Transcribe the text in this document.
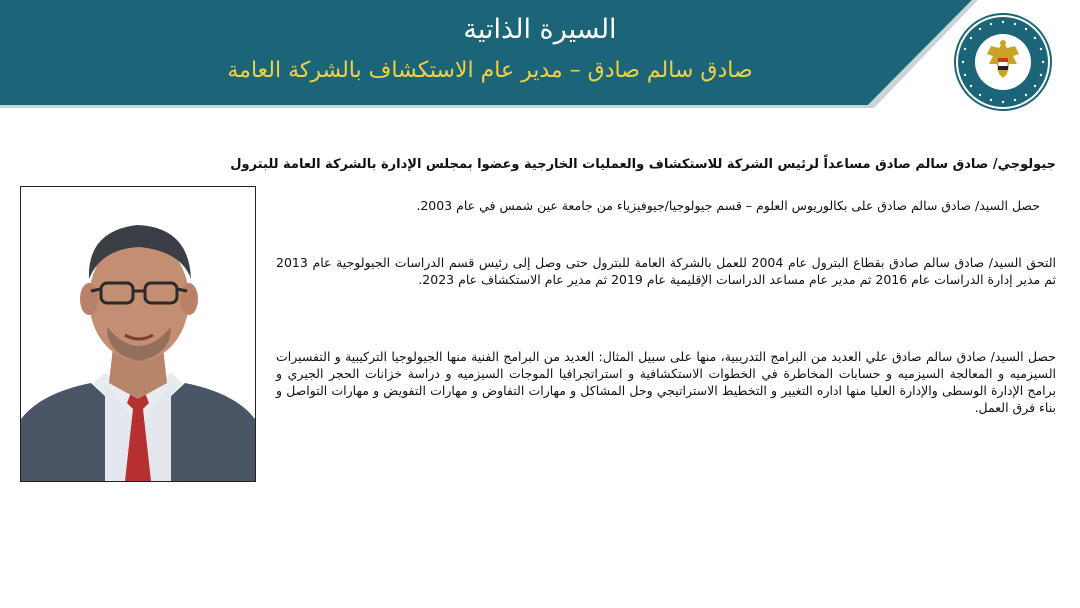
السيرة الذاتية
صادق سالم صادق – مدير عام الاستكشاف بالشركة العامة
جيولوجي/ صادق سالم صادق مساعداً لرئيس الشركة للاستكشاف والعمليات الخارجية وعضوا بمجلس الإدارة بالشركة العامة للبترول
حصل السيد/ صادق سالم صادق على بكالوريوس العلوم – قسم جيولوجيا/جيوفيزياء من جامعة عين شمس في عام 2003.
التحق السيد/ صادق سالم صادق بقطاع البترول عام 2004 للعمل بالشركة العامة للبترول حتى وصل إلى رئيس قسم الدراسات الجيولوجية عام 2013 ثم مدير إدارة الدراسات عام 2016 ثم مدير عام مساعد الدراسات الإقليمية عام 2019 ثم مدير عام الاستكشاف عام 2023.
حصل السيد/ صادق سالم صادق علي العديد من البرامج التدريبية، منها على سبيل المثال: العديد من البرامج الفنية منها الجيولوجيا التركيبية و التفسيرات السيزميه و المعالجة السيزميه و حسابات المخاطرة في الخطوات الاستكشافية و استراتجرافيا الموجات السيزميه و دراسة خزانات الحجر الجيري و برامج الإدارة الوسطى والإدارة العليا منها اداره التغيير و التخطيط الاستراتيجي وحل المشاكل و مهارات التفاوض و مهارات التفويض و مهارات التواصل و بناء فرق العمل.
